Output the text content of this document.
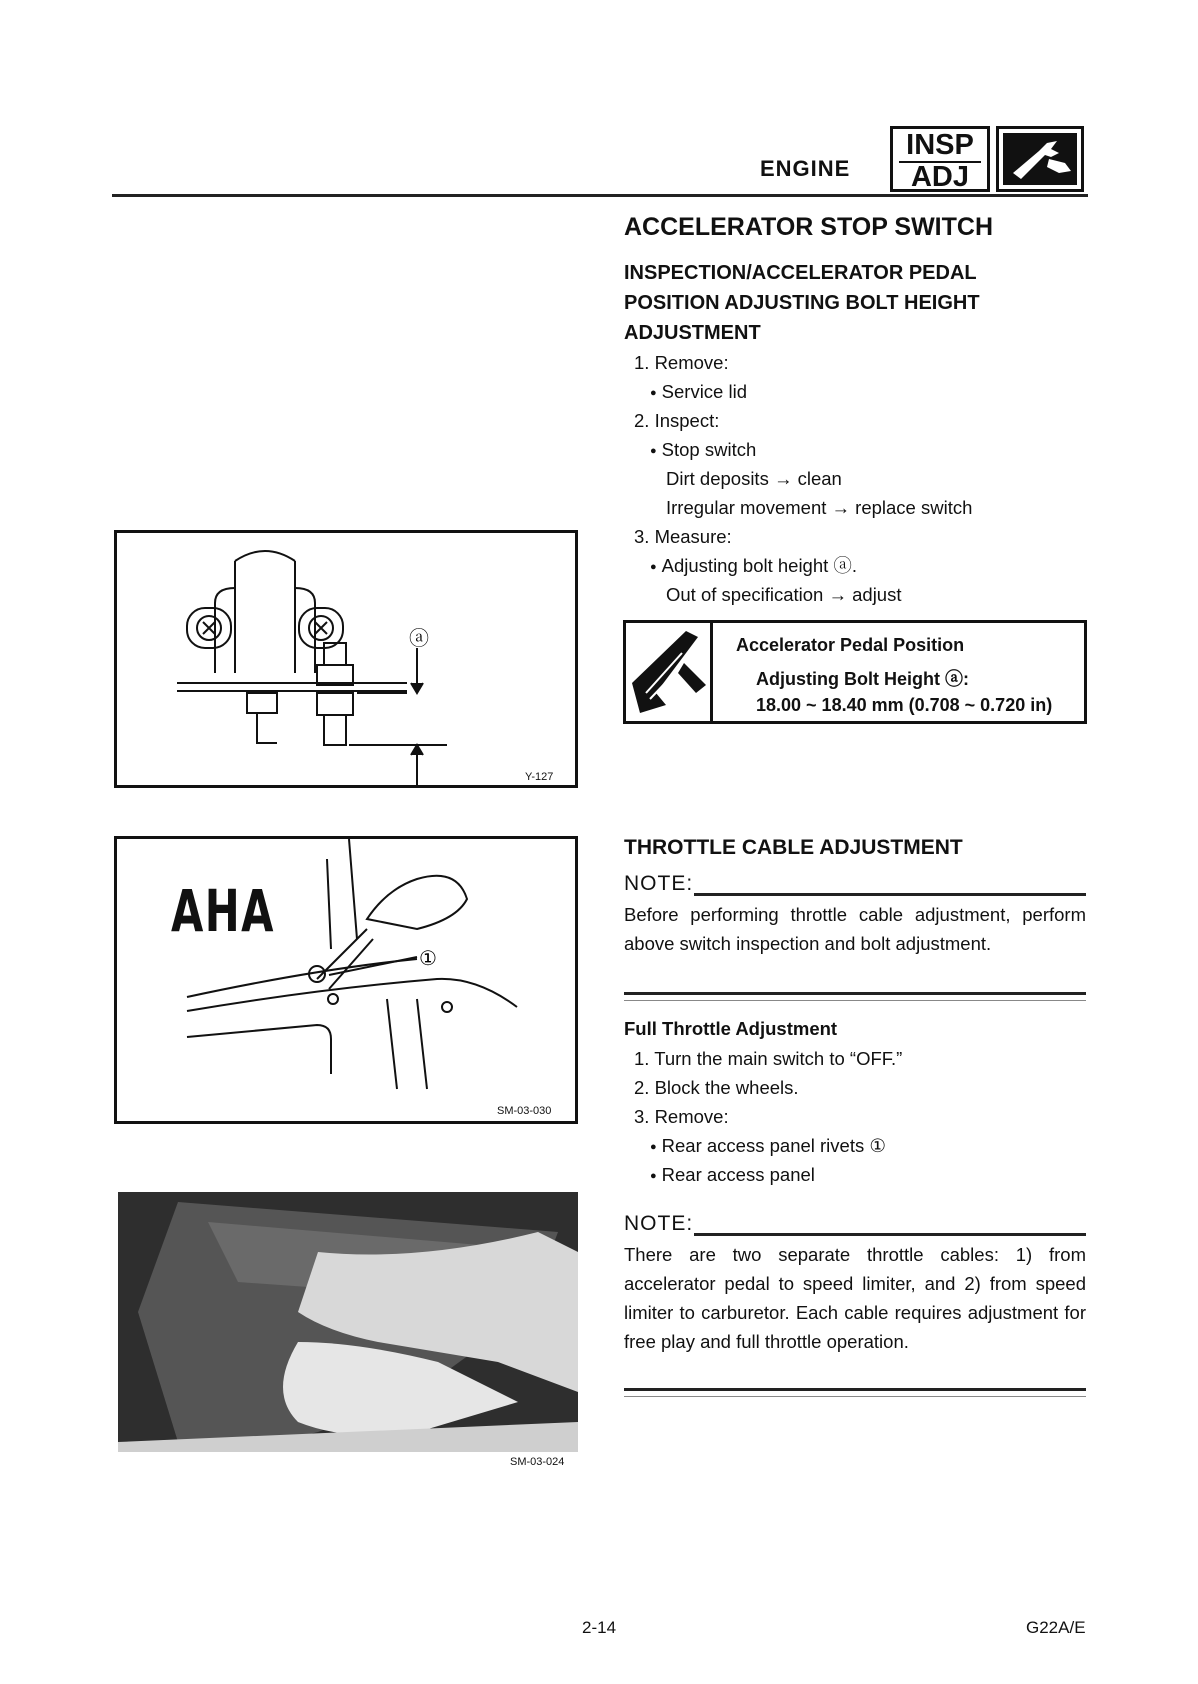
ENGINE
INSP
ADJ
ⓐ
Y-127
AHA
①
SM-03-030
SM-03-024
ACCELERATOR STOP SWITCH
INSPECTION/ACCELERATOR PEDAL POSITION ADJUSTING BOLT HEIGHT ADJUSTMENT
1. Remove:
● Service lid
2. Inspect:
● Stop switch
Dirt deposits → clean
Irregular movement → replace switch
3. Measure:
● Adjusting bolt height ⓐ.
Out of specification → adjust
Accelerator Pedal Position
Adjusting Bolt Height ⓐ:
18.00 ~ 18.40 mm (0.708 ~ 0.720 in)
THROTTLE CABLE ADJUSTMENT
NOTE:
Before performing throttle cable adjustment, perform above switch inspection and bolt adjustment.
Full Throttle Adjustment
1. Turn the main switch to “OFF.”
2. Block the wheels.
3. Remove:
● Rear access panel rivets ①
● Rear access panel
NOTE:
There are two separate throttle cables: 1) from accelerator pedal to speed limiter, and 2) from speed limiter to carburetor. Each cable requires adjustment for free play and full throttle operation.
2-14	G22A/E
